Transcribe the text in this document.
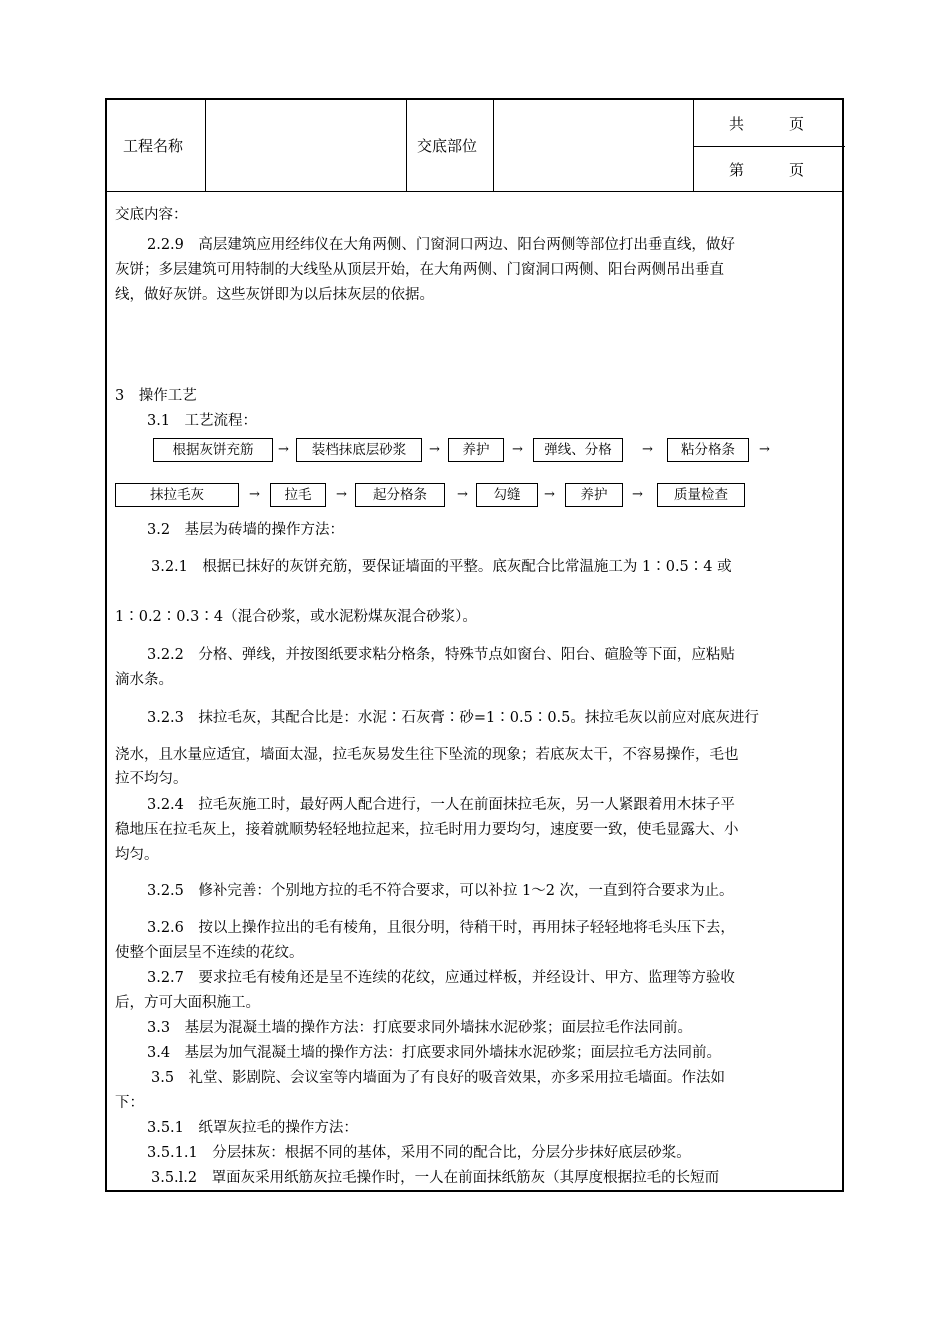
工程名称	交底部位
共　　　页
第　　　页
交底内容：
2.2.9　高层建筑应用经纬仪在大角两侧、门窗洞口两边、阳台两侧等部位打出垂直线，做好
灰饼；多层建筑可用特制的大线坠从顶层开始，在大角两侧、门窗洞口两侧、阳台两侧吊出垂直
线，做好灰饼。这些灰饼即为以后抹灰层的依据。
3　操作工艺
3.1　工艺流程：
根据灰饼充筋	→	装档抹底层砂浆	→	养护	→	弹线、分格	→	粘分格条	→
抹拉毛灰	→	拉毛	→	起分格条	→	勾缝	→	养护	→	质量检查
3.2　基层为砖墙的操作方法：
3.2.1　根据已抹好的灰饼充筋，要保证墙面的平整。底灰配合比常温施工为 1∶0.5∶4 或
1∶0.2∶0.3∶4（混合砂浆，或水泥粉煤灰混合砂浆）。
3.2.2　分格、弹线，并按图纸要求粘分格条，特殊节点如窗台、阳台、碹脸等下面，应粘贴
滴水条。
3.2.3　抹拉毛灰，其配合比是：水泥∶石灰膏∶砂=1∶0.5∶0.5。抹拉毛灰以前应对底灰进行
浇水，且水量应适宜，墙面太湿，拉毛灰易发生往下坠流的现象；若底灰太干，不容易操作，毛也
拉不均匀。
3.2.4　拉毛灰施工时，最好两人配合进行，一人在前面抹拉毛灰，另一人紧跟着用木抹子平
稳地压在拉毛灰上，接着就顺势轻轻地拉起来，拉毛时用力要均匀，速度要一致，使毛显露大、小
均匀。
3.2.5　修补完善：个别地方拉的毛不符合要求，可以补拉 1～2 次，一直到符合要求为止。
3.2.6　按以上操作拉出的毛有棱角，且很分明，待稍干时，再用抹子轻轻地将毛头压下去，
使整个面层呈不连续的花纹。
3.2.7　要求拉毛有棱角还是呈不连续的花纹，应通过样板，并经设计、甲方、监理等方验收
后，方可大面积施工。
3.3　基层为混凝土墙的操作方法：打底要求同外墙抹水泥砂浆；面层拉毛作法同前。
3.4　基层为加气混凝土墙的操作方法：打底要求同外墙抹水泥砂浆；面层拉毛方法同前。
3.5　礼堂、影剧院、会议室等内墙面为了有良好的吸音效果，亦多采用拉毛墙面。作法如
下：
3.5.1　纸罩灰拉毛的操作方法：
3.5.1.1　分层抹灰：根据不同的基体，采用不同的配合比，分层分步抹好底层砂浆。
3.5.l.2　罩面灰采用纸筋灰拉毛操作时，一人在前面抹纸筋灰（其厚度根据拉毛的长短而
